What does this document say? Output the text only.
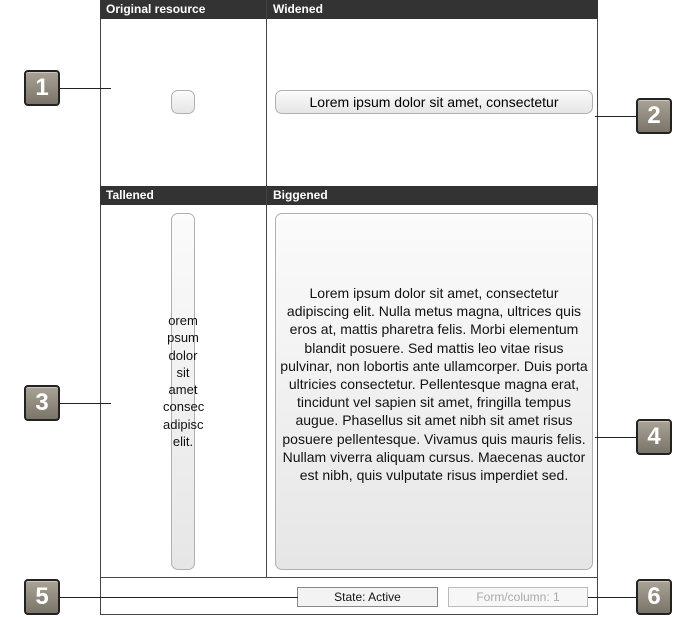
Original resource	Widened
Tallened	Biggened
Lorem ipsum dolor sit amet, consectetur
orem
psum
dolor
sit
amet
consec
adipisc
elit.
Lorem ipsum dolor sit amet, consectetur adipiscing elit. Nulla metus magna, ultrices quis eros at, mattis pharetra felis. Morbi elementum blandit posuere. Sed mattis leo vitae risus pulvinar, non lobortis ante ullamcorper. Duis porta ultricies consectetur. Pellentesque magna erat, tincidunt vel sapien sit amet, fringilla tempus augue. Phasellus sit amet nibh sit amet risus posuere pellentesque. Vivamus quis mauris felis. Nullam viverra aliquam cursus. Maecenas auctor est nibh, quis vulputate risus imperdiet sed.
State: Active	Form/column: 1
1
2
3
4
5	6
